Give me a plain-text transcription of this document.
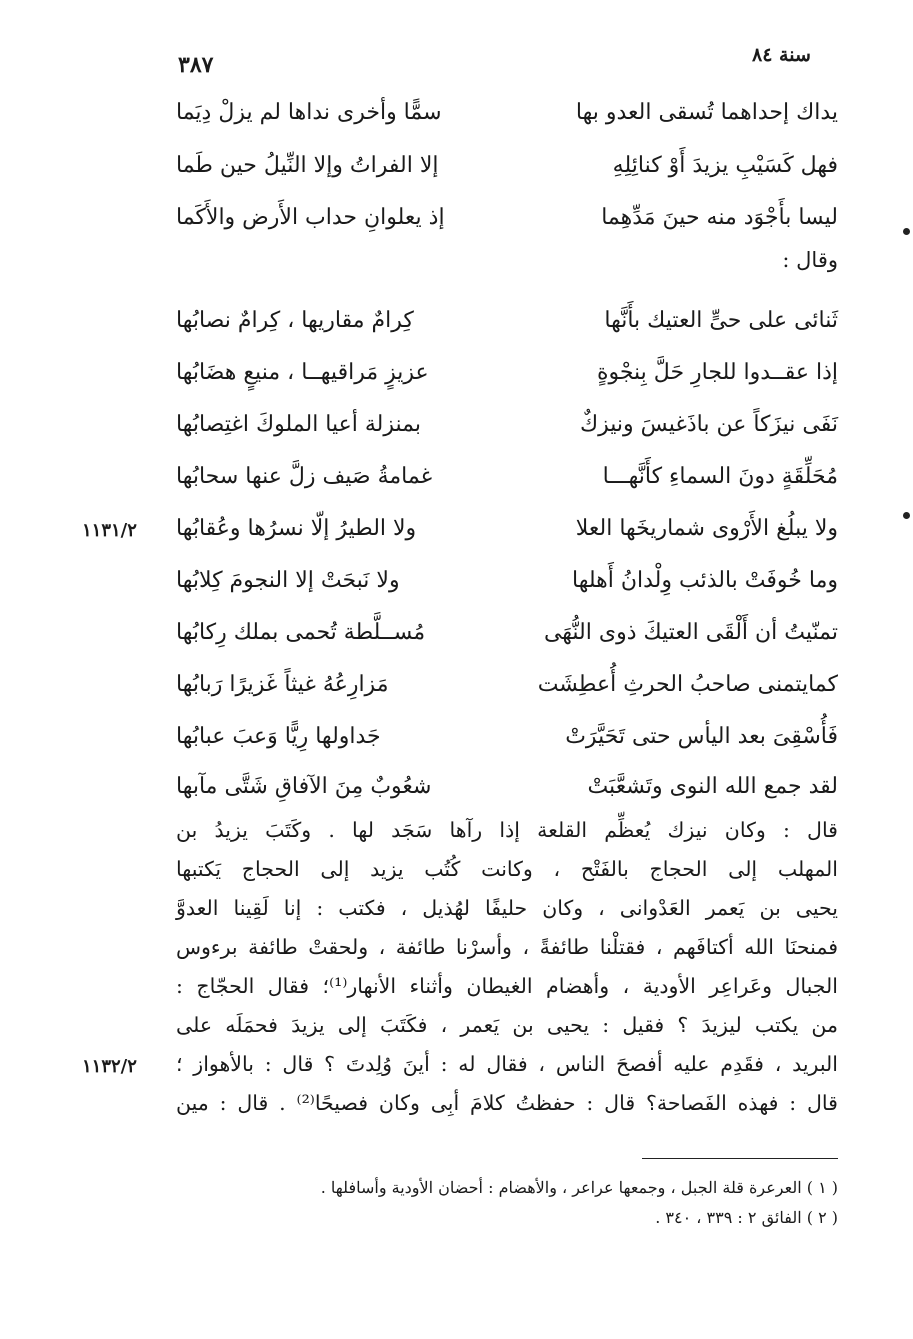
٣٨٧	سنة ٨٤
يداك إحداهما تُسقى العدو بها
سمًّا وأخرى نداها لم يزلْ دِيَما
فهل كَسَيْبِ يزيدَ أَوْ كنائِلِهِ
إلا الفراتُ وإلا النِّيلُ حين طَما
ليسا بأَجْوَد منه حينَ مَدِّهِما
إذ يعلوانِ حداب الأَرض والأَكَما
وقال :
ثَنائى على حىٍّ العتيك بأَنَّها
كِرامٌ مقاريها ، كِرامٌ نصابُها
إذا عقــدوا للجارِ حَلَّ بِنجْوةٍ
عزيزٍ مَراقيهــا ، منيعٍ هضَابُها
نَفَى نيزَكاً عن باذَغيسَ ونيزكٌ
بمنزلة أعيا الملوكَ اغتِصابُها
مُحَلِّقَةٍ دونَ السماءِ كأَنَّهـــا
غمامةُ صَيف زلَّ عنها سحابُها
ولا يبلُغ الأَرْوى شماريخَها العلا
ولا الطيرُ إلّا نسرُها وعُقابُها
وما خُوفَتْ بالذئب وِلْدانُ أَهلها
ولا نَبحَتْ إلا النجومَ كِلابُها
تمنّيتُ أن أَلْقَى العتيكَ ذوى النُّهَى
مُســلَّطة تُحمى بملك رِكابُها
كمايتمنى صاحبُ الحرثِ أُعطِشَت
مَزارِعُهُ غيثاً غَزيرًا رَبابُها
فَأُسْقِىَ بعد اليأس حتى تَحَيَّرَتْ
جَداولها رِيًّا وَعبَ عبابُها
لقد جمع الله النوى وتَشعَّبَتْ
شعُوبٌ مِنَ الآفاقِ شَتَّى مآبها
قال : وكان نيزك يُعظِّم القلعة إذا رآها سَجَد لها . وكَتَبَ يزيدُ بن
المهلب إلى الحجاج بالفَتْح ، وكانت كُتُب يزيد إلى الحجاج يَكتبها
يحيى بن يَعمر العَدْوانى ، وكان حليفًا لهُذيل ، فكتب : إنا لَقِينا العدوَّ
فمنحنَا الله أكتافَهم ، فقتلْنا طائفةً ، وأسرْنا طائفة ، ولحقتْ طائفة برءوس
الجبال وعَراعِر الأودية ، وأهضام الغيطان وأثناء الأنهار⁽¹⁾؛ فقال الحجّاج :
من يكتب ليزيدَ ؟ فقيل : يحيى بن يَعمر ، فكَتَبَ إلى يزيدَ فحمَلَه على
البريد ، فقَدِم عليه أفصحَ الناس ، فقال له : أينَ وُلِدتَ ؟ قال : بالأهواز ؛
قال : فهذه الفَصاحة؟ قال : حفظتُ كلامَ أبِى وكان فصيحًا⁽²⁾ . قال : مين
١١٣١/٢
١١٣٢/٢
( ١ ) العرعرة قلة الجبل ، وجمعها عراعر ، والأهضام : أحضان الأودية وأسافلها .
( ٢ ) الفائق ٢ : ٣٣٩ ، ٣٤٠ .
